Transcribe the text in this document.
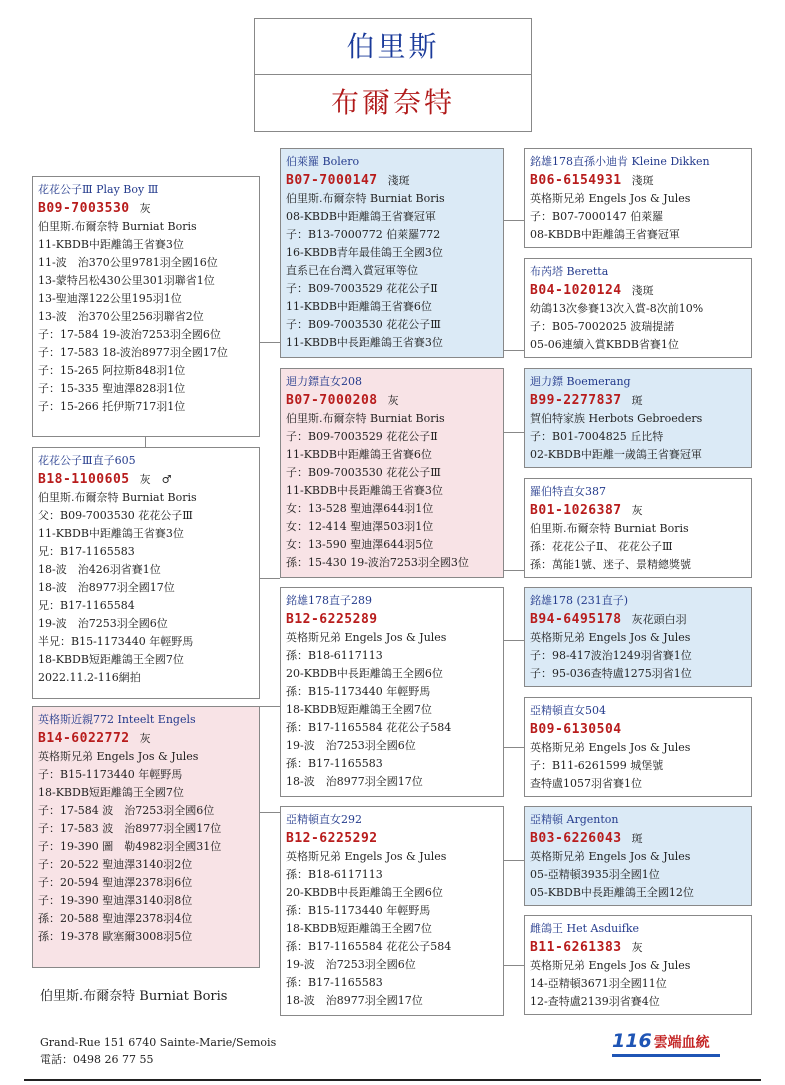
伯里斯
布爾奈特
花花公子Ⅲ Play Boy Ⅲ
B09-7003530 灰
伯里斯.布爾奈特 Burniat Boris
11-KBDB中距離鴿王省賽3位
11-波　治370公里9781羽全國16位
13-蒙特呂松430公里301羽聯省1位
13-聖迪澤122公里195羽1位
13-波　治370公里256羽聯省2位
子：17-584 19-波治7253羽全國6位
子：17-583 18-波治8977羽全國17位
子：15-265 阿拉斯848羽1位
子：15-335 聖迪澤828羽1位
子：15-266 托伊斯717羽1位
花花公子Ⅲ直子605
B18-1100605 灰　♂
伯里斯.布爾奈特 Burniat Boris
父：B09-7003530 花花公子Ⅲ
11-KBDB中距離鴿王省賽3位
兄：B17-1165583
18-波　治426羽省賽1位
18-波　治8977羽全國17位
兄：B17-1165584
19-波　治7253羽全國6位
半兄：B15-1173440 年輕野馬
18-KBDB短距離鴿王全國7位
2022.11.2-116網拍
英格斯近親772 Inteelt Engels
B14-6022772 灰
英格斯兄弟 Engels Jos & Jules
子：B15-1173440 年輕野馬
18-KBDB短距離鴿王全國7位
子：17-584 波　治7253羽全國6位
子：17-583 波　治8977羽全國17位
子：19-390 圖　勒4982羽全國31位
子：20-522 聖迪澤3140羽2位
子：20-594 聖迪澤2378羽6位
子：19-390 聖迪澤3140羽8位
孫：20-588 聖迪澤2378羽4位
孫：19-378 歐塞爾3008羽5位
伯萊羅 Bolero
B07-7000147 淺斑
伯里斯.布爾奈特 Burniat Boris
08-KBDB中距離鴿王省賽冠軍
子：B13-7000772 伯萊羅772
16-KBDB青年最佳鴿王全國3位
直系已在台灣入賞冠軍等位
子：B09-7003529 花花公子Ⅱ
11-KBDB中距離鴿王省賽6位
子：B09-7003530 花花公子Ⅲ
11-KBDB中長距離鴿王省賽3位
迴力鏢直女208
B07-7000208 灰
伯里斯.布爾奈特 Burniat Boris
子：B09-7003529 花花公子Ⅱ
11-KBDB中距離鴿王省賽6位
子：B09-7003530 花花公子Ⅲ
11-KBDB中長距離鴿王省賽3位
女：13-528 聖迪澤644羽1位
女：12-414 聖迪澤503羽1位
女：13-590 聖迪澤644羽5位
孫：15-430 19-波治7253羽全國3位
銘雄178直子289
B12-6225289
英格斯兄弟 Engels Jos & Jules
孫：B18-6117113
20-KBDB中長距離鴿王全國6位
孫：B15-1173440 年輕野馬
18-KBDB短距離鴿王全國7位
孫：B17-1165584 花花公子584
19-波　治7253羽全國6位
孫：B17-1165583
18-波　治8977羽全國17位
亞精頓直女292
B12-6225292
英格斯兄弟 Engels Jos & Jules
孫：B18-6117113
20-KBDB中長距離鴿王全國6位
孫：B15-1173440 年輕野馬
18-KBDB短距離鴿王全國7位
孫：B17-1165584 花花公子584
19-波　治7253羽全國6位
孫：B17-1165583
18-波　治8977羽全國17位
銘雄178直孫小迪肯 Kleine Dikken
B06-6154931 淺斑
英格斯兄弟 Engels Jos & Jules
子：B07-7000147 伯萊羅
08-KBDB中距離鴿王省賽冠軍
布芮塔 Beretta
B04-1020124 淺斑
幼鴿13次參賽13次入賞-8次前10%
子：B05-7002025 波瑞提諾
05-06連續入賞KBDB省賽1位
迴力鏢 Boemerang
B99-2277837 斑
賀伯特家族 Herbots Gebroeders
子：B01-7004825 丘比特
02-KBDB中距離一歲鴿王省賽冠軍
羅伯特直女387
B01-1026387 灰
伯里斯.布爾奈特 Burniat Boris
孫：花花公子Ⅱ、 花花公子Ⅲ
孫：萬能1號、迷子、景精總獎號
銘雄178 (231直子)
B94-6495178 灰花頭白羽
英格斯兄弟 Engels Jos & Jules
子：98-417波治1249羽省賽1位
子：95-036查特盧1275羽省1位
亞精頓直女504
B09-6130504
英格斯兄弟 Engels Jos & Jules
子：B11-6261599 城堡號
查特盧1057羽省賽1位
亞精頓 Argenton
B03-6226043 斑
英格斯兄弟 Engels Jos & Jules
05-亞精頓3935羽全國1位
05-KBDB中長距離鴿王全國12位
雌鴿王 Het Asduifke
B11-6261383 灰
英格斯兄弟 Engels Jos & Jules
14-亞精頓3671羽全國11位
12-查特盧2139羽省賽4位
伯里斯.布爾奈特 Burniat Boris
Grand-Rue 151 6740 Sainte-Marie/Semois
電話：0498 26 77 55
116 雲端血統
